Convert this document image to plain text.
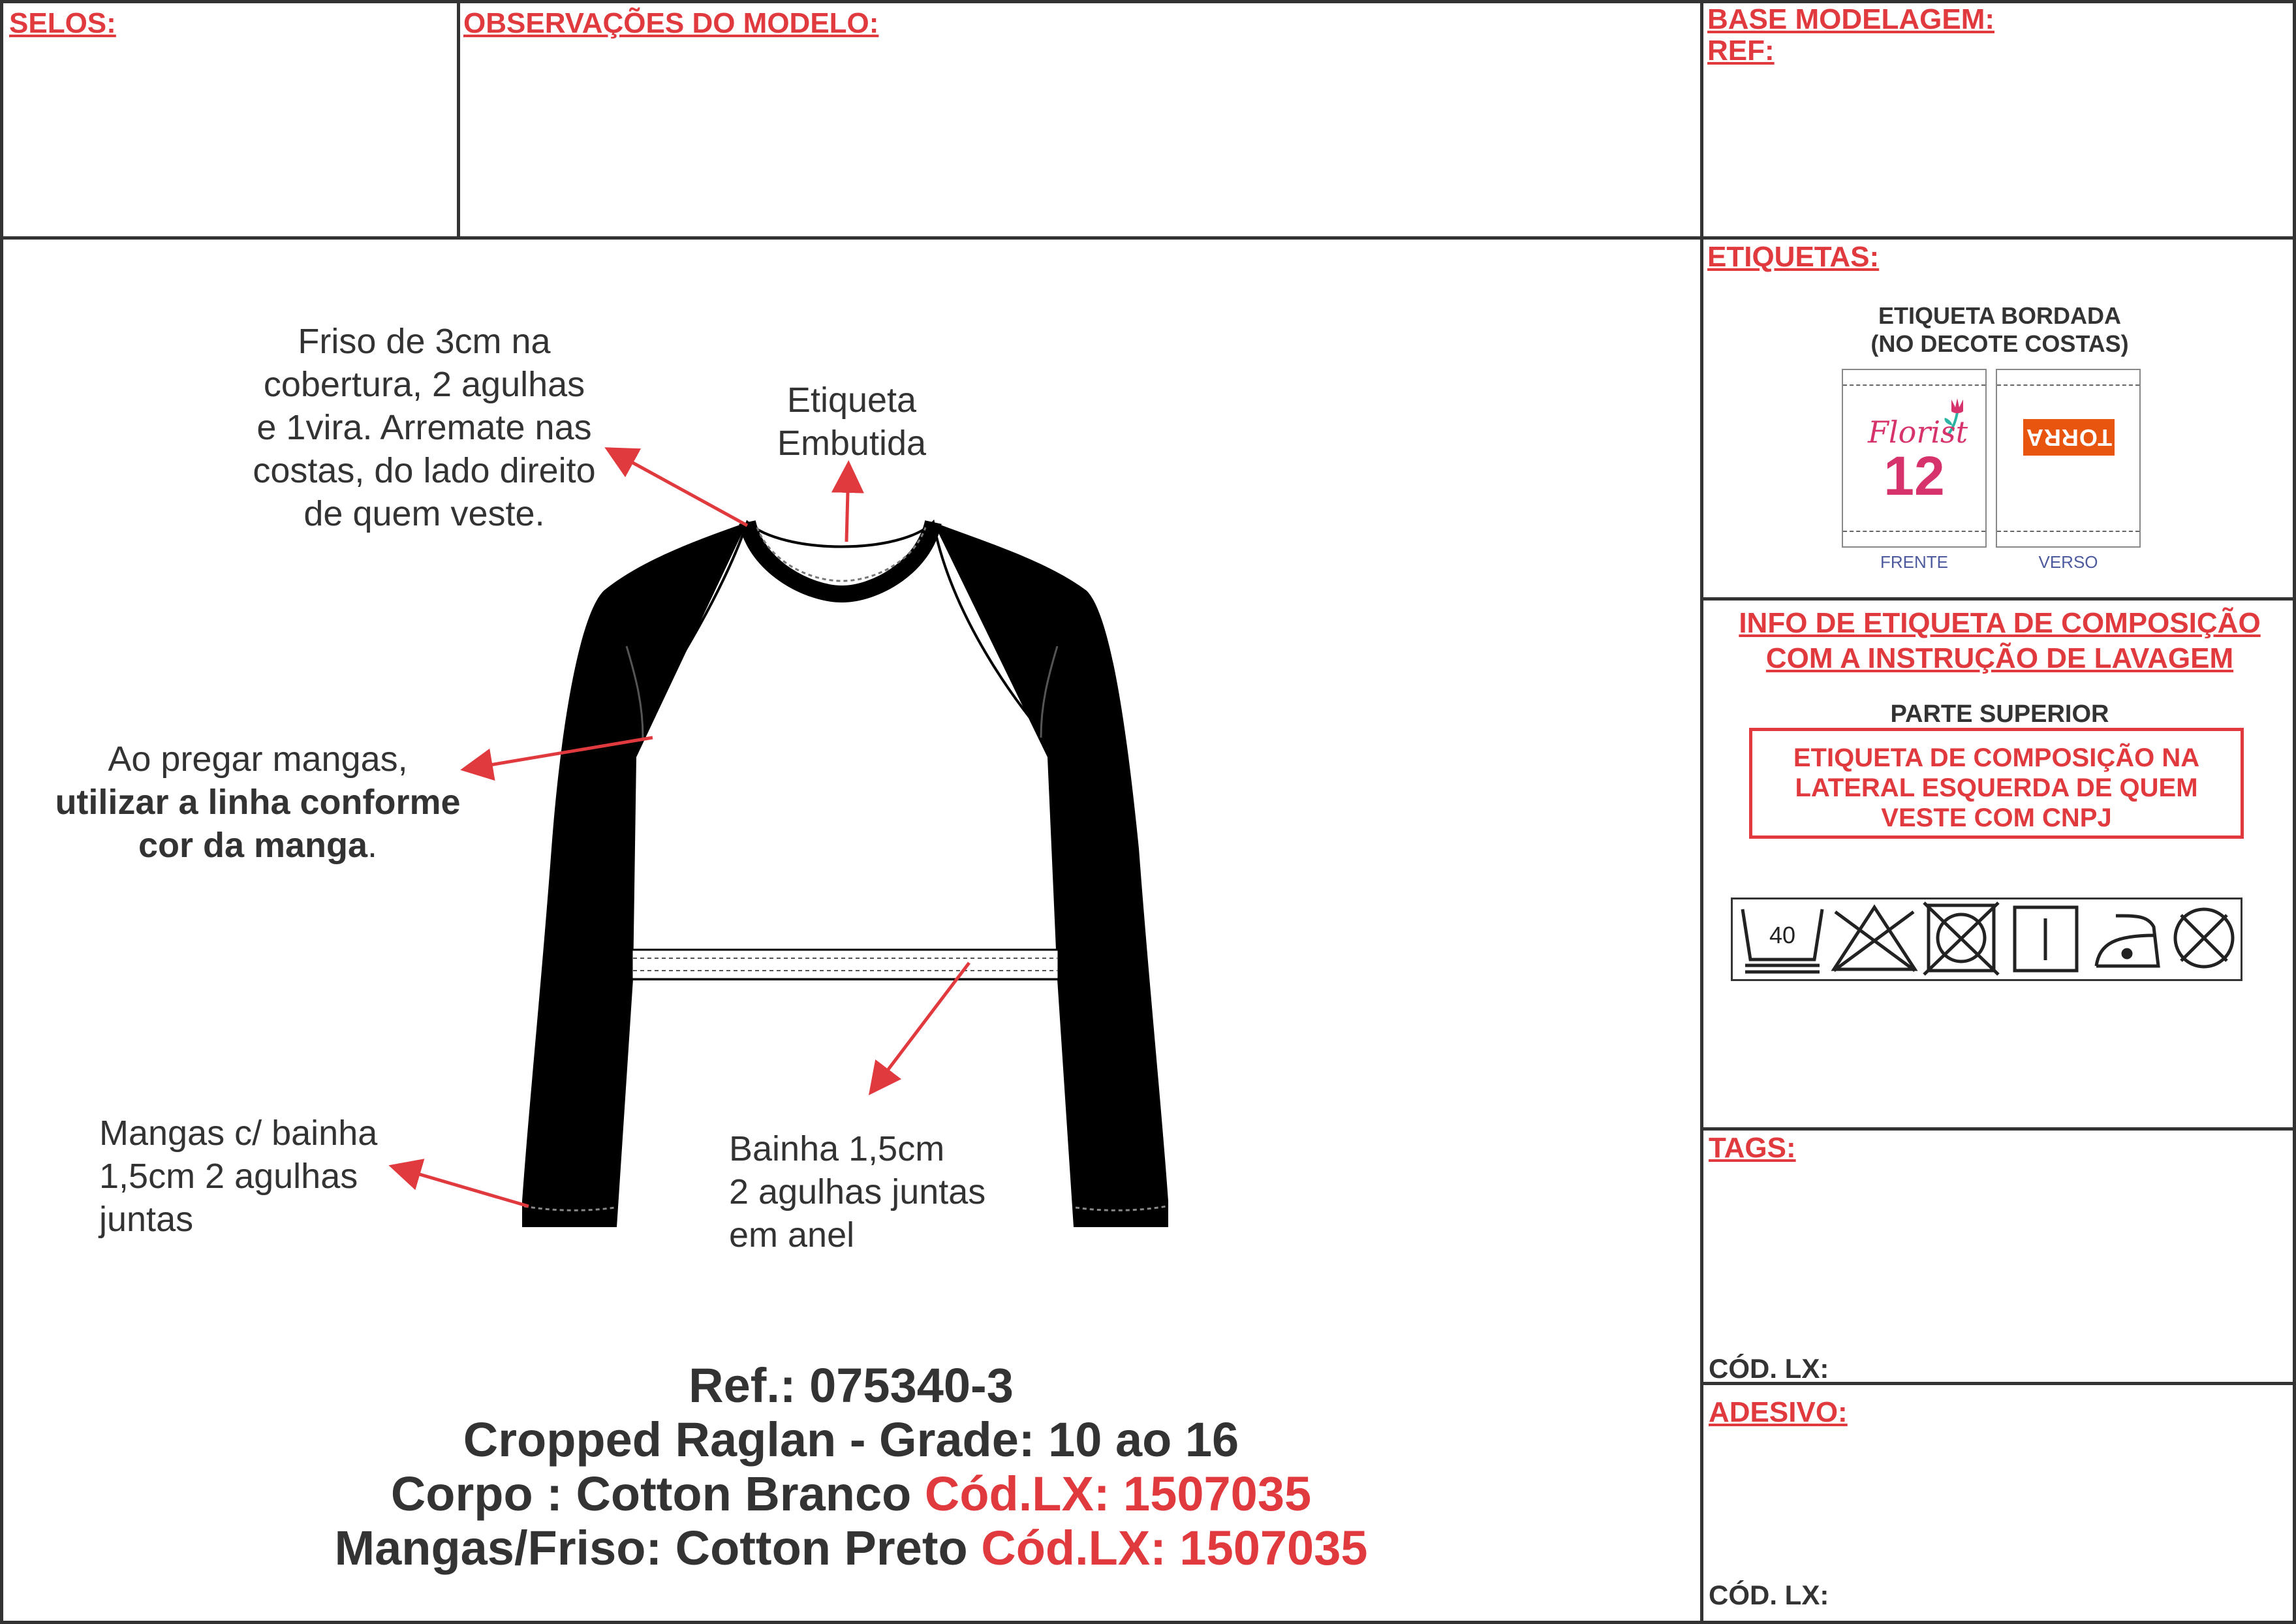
SELOS:	OBSERVAÇÕES DO MODELO:	BASE MODELAGEM:
REF:
Friso de 3cm na
cobertura, 2 agulhas
e 1vira. Arremate nas
costas, do lado direito
de quem veste.
Etiqueta
Embutida
Ao pregar mangas,
utilizar a linha conforme
cor da manga.
Mangas c/ bainha
1,5cm 2 agulhas
juntas
Bainha 1,5cm
2 agulhas juntas
em anel
Ref.: 075340-3
Cropped Raglan - Grade: 10 ao 16
Corpo : Cotton Branco Cód.LX: 1507035
Mangas/Friso: Cotton Preto Cód.LX: 1507035
ETIQUETAS:
ETIQUETA BORDADA
(NO DECOTE COSTAS)
Florist
12
TORRA
FRENTE	VERSO
INFO DE ETIQUETA DE COMPOSIÇÃO
COM A INSTRUÇÃO DE LAVAGEM
PARTE SUPERIOR
ETIQUETA DE COMPOSIÇÃO NA
LATERAL ESQUERDA DE QUEM
VESTE COM CNPJ
40
TAGS:
CÓD. LX:
ADESIVO:
CÓD. LX:
